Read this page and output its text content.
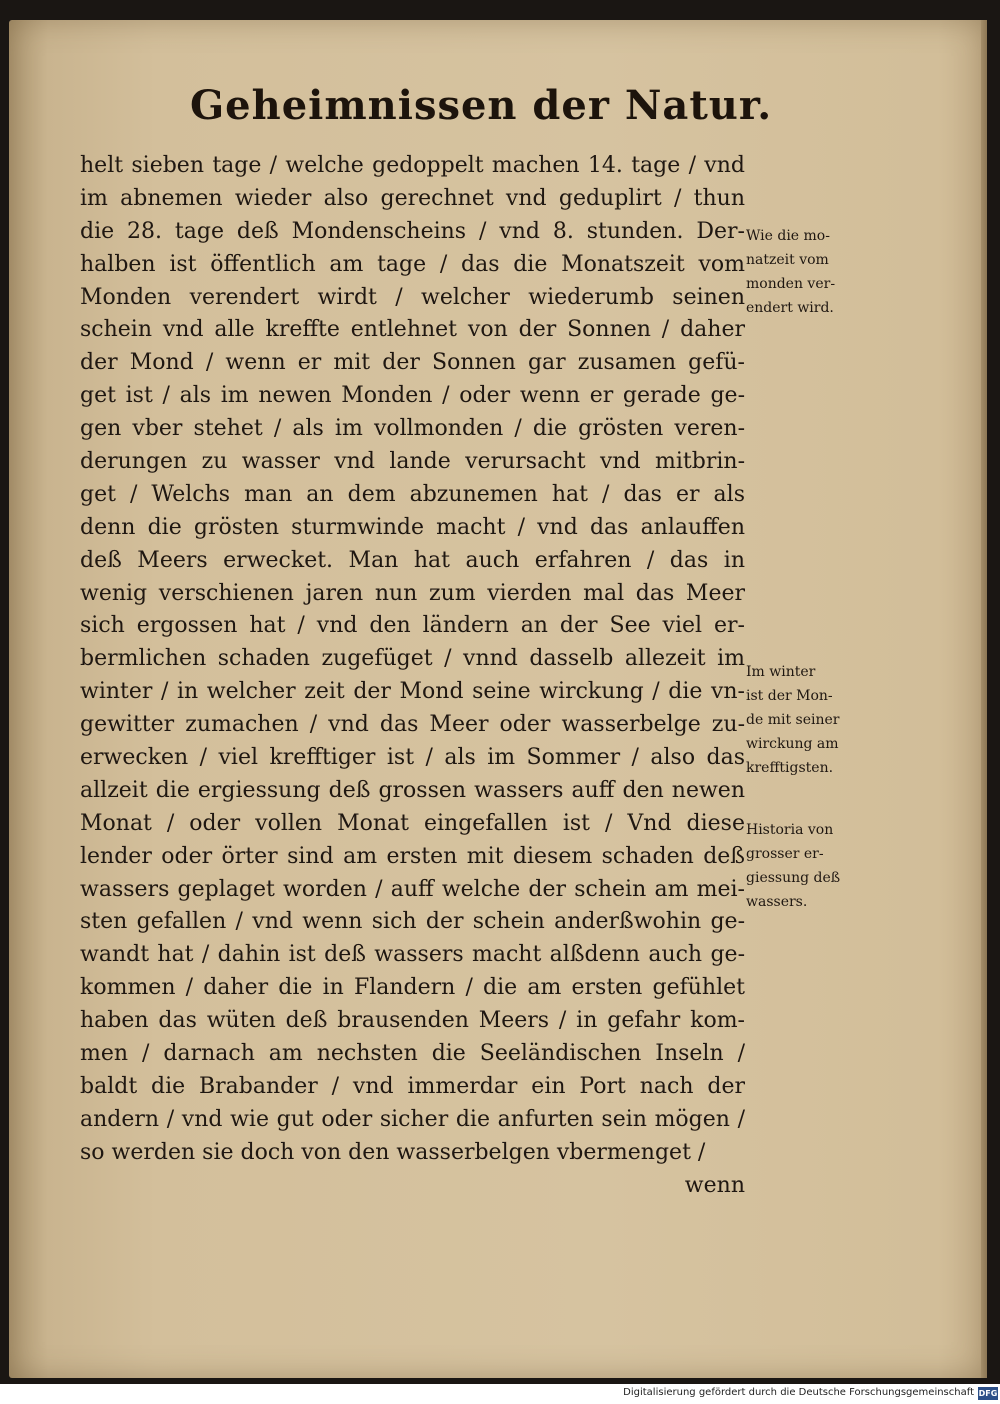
Geheimnissen der Natur.
helt sieben tage / welche gedoppelt machen 14. tage / vnd
im abnemen wieder also gerechnet vnd geduplirt / thun
die 28. tage deß Mondenscheins / vnd 8. stunden. Der-
halben ist öffentlich am tage / das die Monatszeit vom
Monden verendert wirdt / welcher wiederumb seinen
schein vnd alle krefftе entlehnet von der Sonnen / daher
der Mond / wenn er mit der Sonnen gar zusamen gefü-
get ist / als im newen Monden / oder wenn er gerade ge-
gen vber stehet / als im vollmonden / die grösten veren-
derungen zu wasser vnd lande verursacht vnd mitbrin-
get / Welchs man an dem abzunemen hat / das er als
denn die grösten sturmwinde macht / vnd das anlauffen
deß Meers erwecket. Man hat auch erfahren / das in
wenig verschienen jaren nun zum vierden mal das Meer
sich ergossen hat / vnd den ländern an der See viel er-
bermlichen schaden zugefüget / vnnd dasselb allezeit im
winter / in welcher zeit der Mond seine wirckung / die vn-
gewitter zumachen / vnd das Meer oder wasserbelge zu-
erwecken / viel krefftiger ist / als im Sommer / also das
allzeit die ergiessung deß grossen wassers auff den newen
Monat / oder vollen Monat eingefallen ist / Vnd diese
lender oder örter sind am ersten mit diesem schaden deß
wassers geplaget worden / auff welche der schein am mei-
sten gefallen / vnd wenn sich der schein anderßwohin ge-
wandt hat / dahin ist deß wassers macht alßdenn auch ge-
kommen / daher die in Flandern / die am ersten gefühlet
haben das wüten deß brausenden Meers / in gefahr kom-
men / darnach am nechsten die Seeländischen Inseln /
baldt die Brabander / vnd immerdar ein Port nach der
andern / vnd wie gut oder sicher die anfurten sein mögen /
so werden sie doch von den wasserbelgen vbermenget /
wenn
Wie die mo-
natzeit vom
monden ver-
endert wird.
Im winter
ist der Mon-
de mit seiner
wirckung am
krefftigsten.
Historia von
grosser er-
giessung deß
wassers.
Digitalisierung gefördert durch die Deutsche Forschungsgemeinschaft DFG
